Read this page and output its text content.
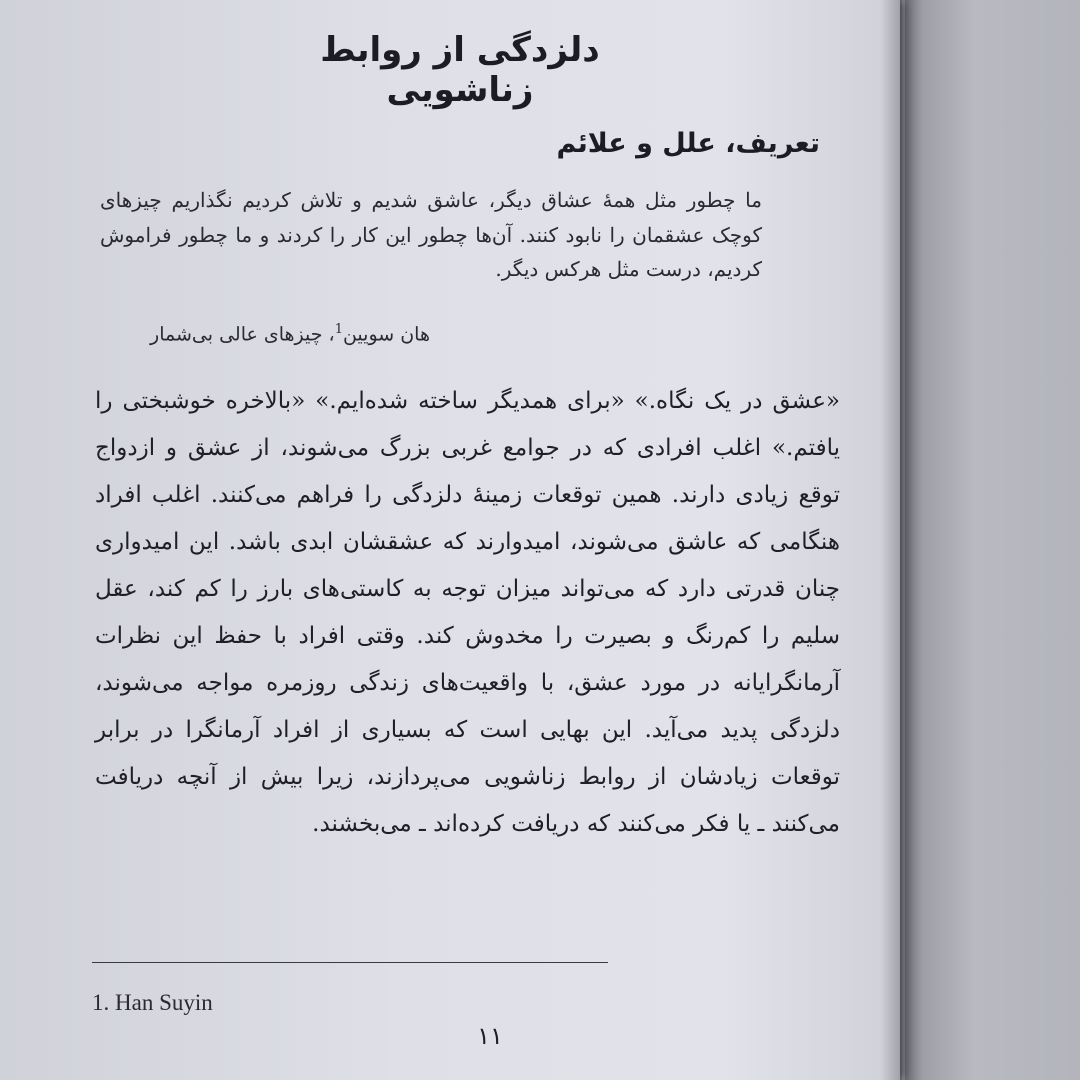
دلزدگی از روابط زناشویی
تعریف، علل و علائم

ما چطور مثل همهٔ عشاق دیگر، عاشق شدیم و تلاش کردیم نگذاریم چیزهای کوچک عشقمان را نابود کنند. آن‌ها چطور این کار را کردند و ما چطور فراموش کردیم، درست مثل هرکس دیگر.

هان سویین$^1$، چیزهای عالی بی‌شمار

«عشق در یک نگاه.» «برای همدیگر ساخته شده‌ایم.» «بالاخره خوشبختی را یافتم.» اغلب افرادی که در جوامع غربی بزرگ می‌شوند، از عشق و ازدواج توقع زیادی دارند. همین توقعات زمینهٔ دلزدگی را فراهم می‌کنند. اغلب افراد هنگامی که عاشق می‌شوند، امیدوارند که عشقشان ابدی باشد. این امیدواری چنان قدرتی دارد که می‌تواند میزان توجه به کاستی‌های بارز را کم کند، عقل سلیم را کم‌رنگ و بصیرت را مخدوش کند. وقتی افراد با حفظ این نظرات آرمانگرایانه در مورد عشق، با واقعیت‌های زندگی روزمره مواجه می‌شوند، دلزدگی پدید می‌آید. این بهایی است که بسیاری از افراد آرمانگرا در برابر توقعات زیادشان از روابط زناشویی می‌پردازند، زیرا بیش از آنچه دریافت می‌کنند ـ یا فکر می‌کنند که دریافت کرده‌اند ـ می‌بخشند.

1. Han Suyin

۱۱
